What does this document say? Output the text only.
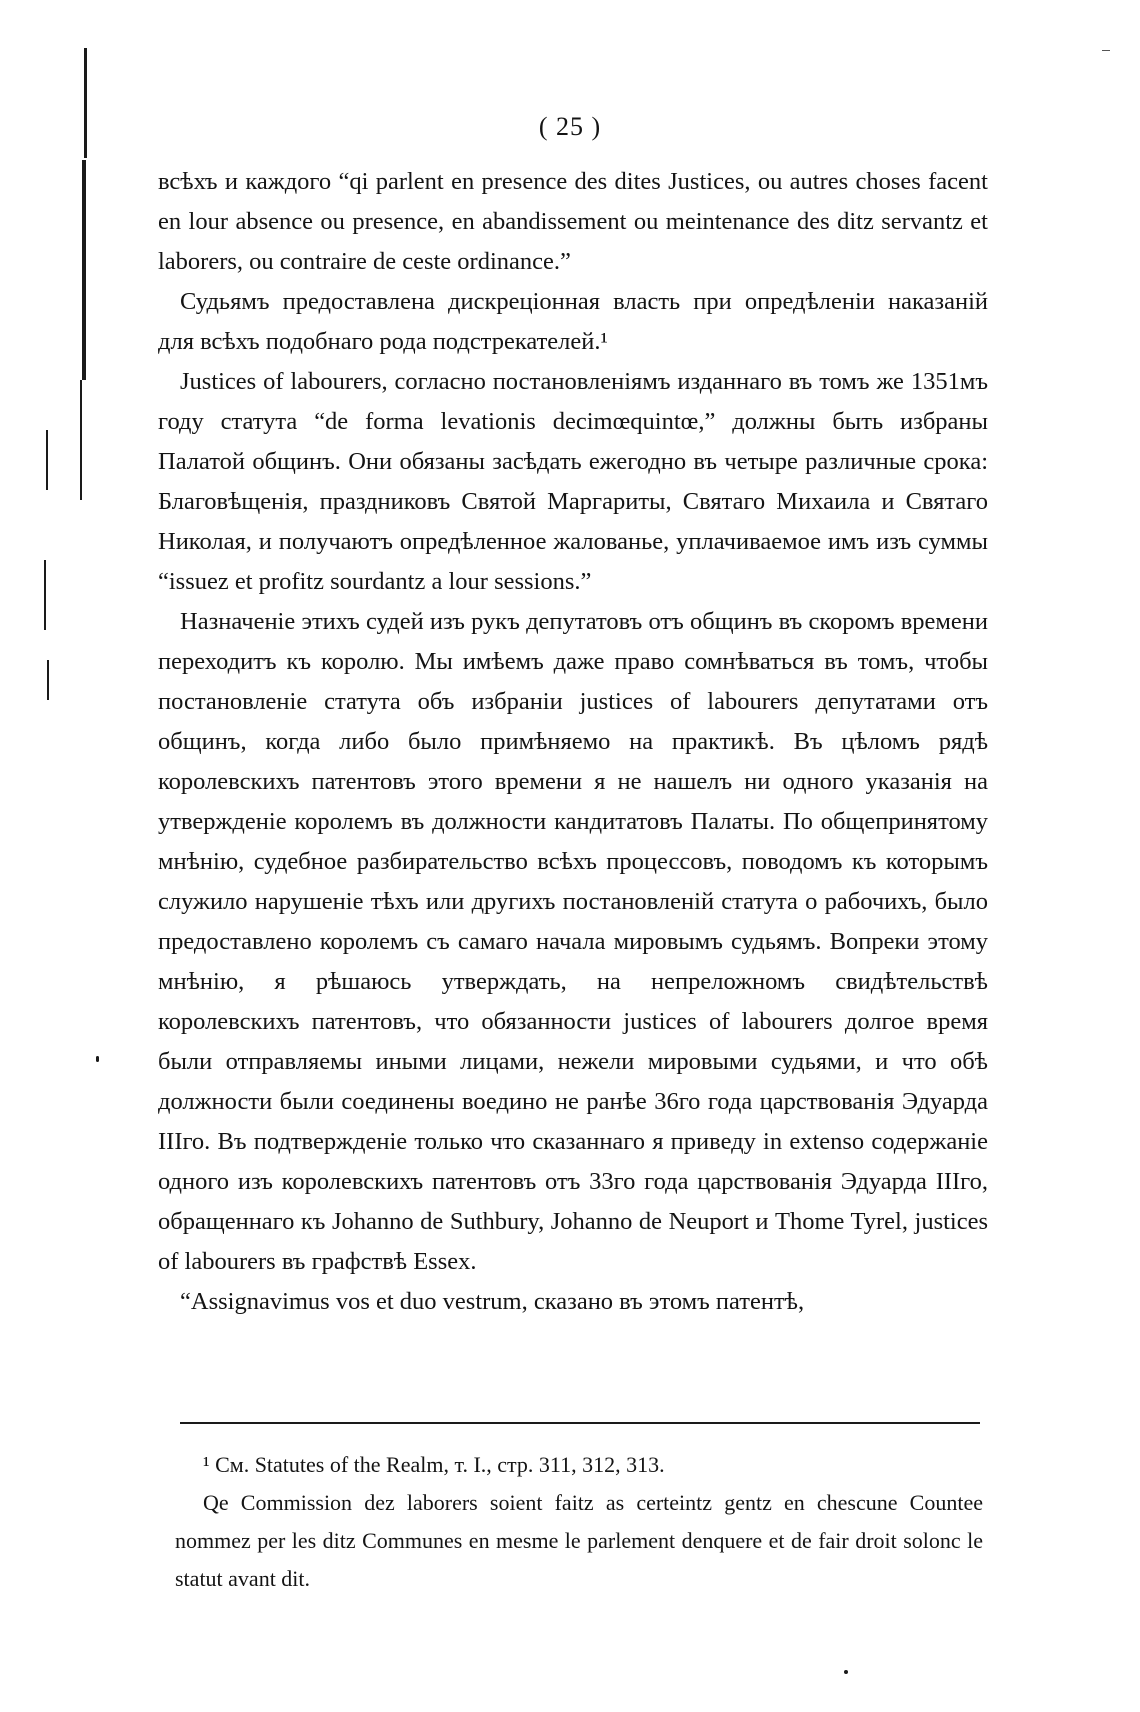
( 25 )

всѣхъ и каждого “qi parlent en presence des dites Justices, ou autres choses facent en lour absence ou presence, en abandissement ou meintenance des ditz servantz et laborers, ou contraire de ceste ordinance.”

Судьямъ предоставлена дискреціонная власть при опредѣленіи наказаній для всѣхъ подобнаго рода подстрекателей.¹

Justices of labourers, согласно постановленіямъ изданнаго въ томъ же 1351мъ году статута “de forma levationis decimœquintœ,” должны быть избраны Палатой общинъ. Они обязаны засѣдать ежегодно въ четыре различные срока: Благовѣщенія, праздниковъ Святой Маргариты, Святаго Михаила и Святаго Николая, и получаютъ опредѣленное жалованье, уплачиваемое имъ изъ суммы “issuez et profitz sourdantz a lour sessions.”

Назначеніе этихъ судей изъ рукъ депутатовъ отъ общинъ въ скоромъ времени переходитъ къ королю. Мы имѣемъ даже право сомнѣваться въ томъ, чтобы постановленіе статута объ избраніи justices of labourers депутатами отъ общинъ, когда либо было примѣняемо на практикѣ. Въ цѣломъ рядѣ королевскихъ патентовъ этого времени я не нашелъ ни одного указанія на утвержденіе королемъ въ должности кандитатовъ Палаты. По общепринятому мнѣнію, судебное разбирательство всѣхъ процессовъ, поводомъ къ которымъ служило нарушеніе тѣхъ или другихъ постановленій статута о рабочихъ, было предоставлено королемъ съ самаго начала мировымъ судьямъ. Вопреки этому мнѣнію, я рѣшаюсь утверждать, на непреложномъ свидѣтельствѣ королевскихъ патентовъ, что обязанности justices of labourers долгое время были отправляемы иными лицами, нежели мировыми судьями, и что обѣ должности были соединены воедино не ранѣе 36го года царствованія Эдуарда IIIго. Въ подтвержденіе только что сказаннаго я приведу in extenso содержаніе одного изъ королевскихъ патентовъ отъ 33го года царствованія Эдуарда IIIго, обращеннаго къ Johanno de Suthbury, Johanno de Neuport и Thome Tyrel, justices of labourers въ графствѣ Essex.

“Assignavimus vos et duo vestrum, сказано въ этомъ патентѣ,

¹ См. Statutes of the Realm, т. I., стр. 311, 312, 313.

Qe Commission dez laborers soient faitz as certeintz gentz en chescune Countee nommez per les ditz Communes en mesme le parlement denquere et de fair droit solonc le statut avant dit.
